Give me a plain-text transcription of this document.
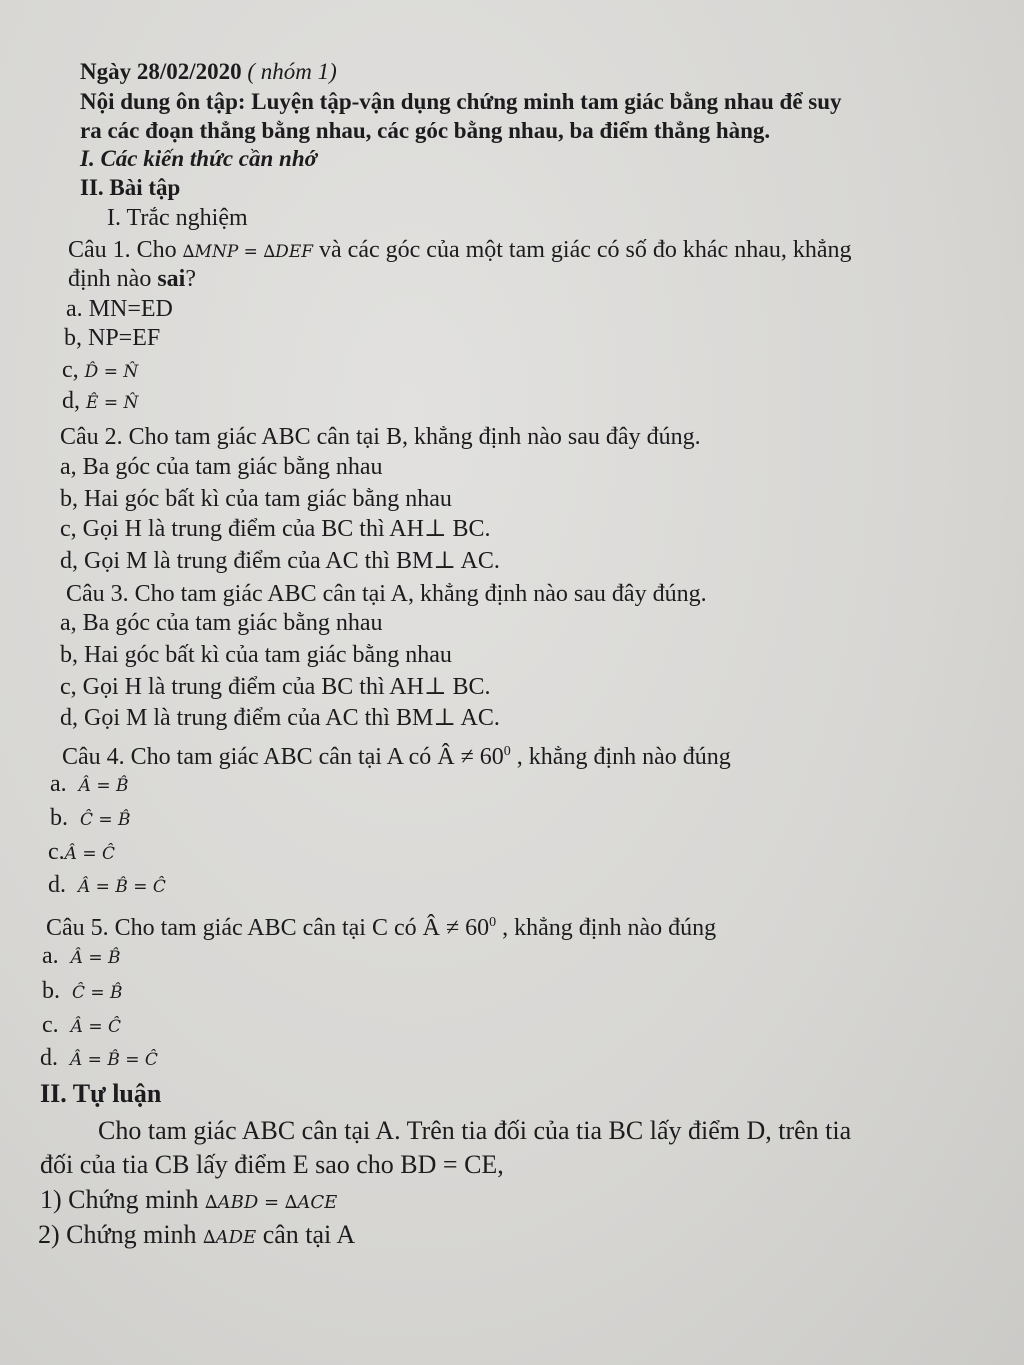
Ngày 28/02/2020 ( nhóm 1)
Nội dung ôn tập: Luyện tập-vận dụng chứng minh tam giác bằng nhau để suy
ra các đoạn thẳng bằng nhau, các góc bằng nhau, ba điểm thẳng hàng.
I. Các kiến thức cần nhớ
II. Bài tập
I. Trắc nghiệm
Câu 1. Cho ∆MNP = ∆DEF và các góc của một tam giác có số đo khác nhau, khẳng
định nào sai?
a. MN=ED
b, NP=EF
c, D̂ = N̂
d, Ê = N̂
Câu 2. Cho tam giác ABC cân tại B, khẳng định nào sau đây đúng.
a, Ba góc của tam giác bằng nhau
b, Hai góc bất kì của tam giác bằng nhau
c, Gọi H là trung điểm của BC thì AH⊥ BC.
d, Gọi M là trung điểm của AC thì BM⊥ AC.
Câu 3. Cho tam giác ABC cân tại A, khẳng định nào sau đây đúng.
a, Ba góc của tam giác bằng nhau
b, Hai góc bất kì của tam giác bằng nhau
c, Gọi H là trung điểm của BC thì AH⊥ BC.
d, Gọi M là trung điểm của AC thì BM⊥ AC.
Câu 4. Cho tam giác ABC cân tại A có Â ≠ $60^0$ , khẳng định nào đúng
a. Â = B̂
b. Ĉ = B̂
c.Â = Ĉ
d. Â = B̂ = Ĉ
Câu 5. Cho tam giác ABC cân tại C có Â ≠ $60^0$ , khẳng định nào đúng
a. Â = B̂
b. Ĉ = B̂
c. Â = Ĉ
d. Â = B̂ = Ĉ
II. Tự luận
Cho tam giác ABC cân tại A. Trên tia đối của tia BC lấy điểm D, trên tia
đối của tia CB lấy điểm E sao cho BD = CE,
1) Chứng minh ∆ABD = ∆ACE
2) Chứng minh ∆ADE cân tại A
